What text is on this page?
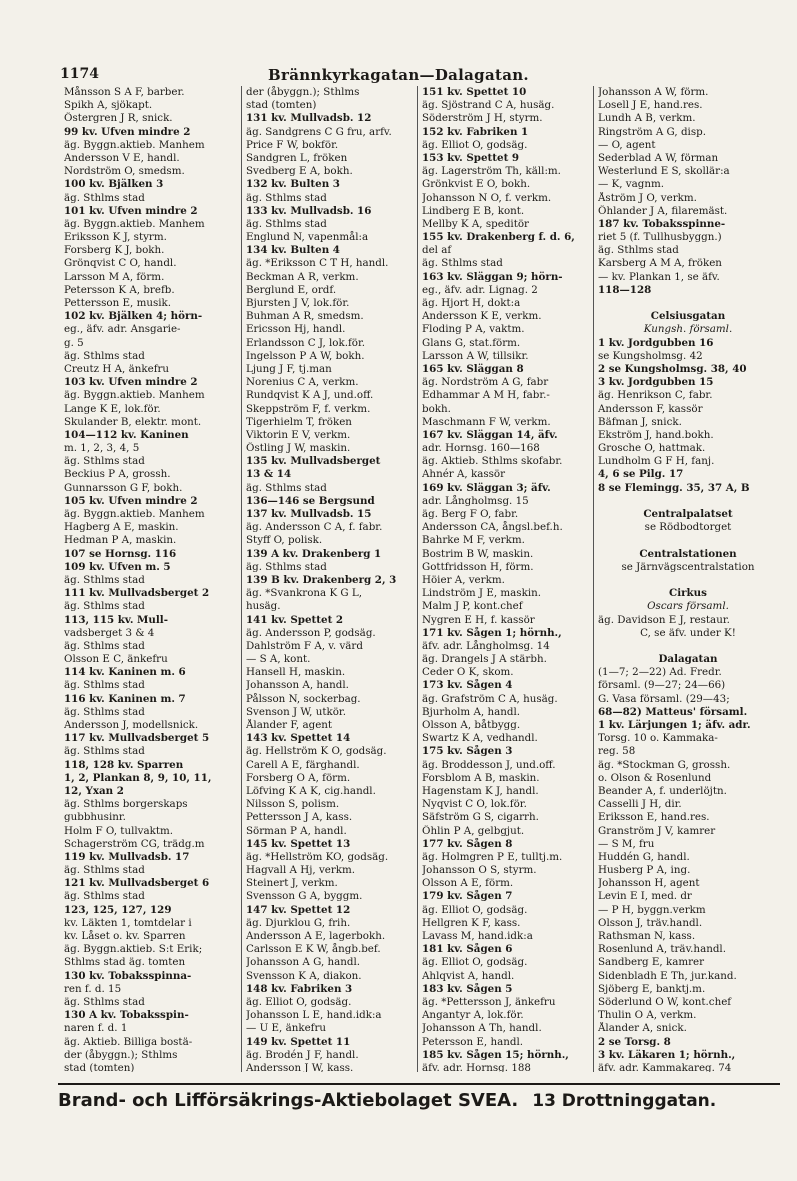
1174	Brännkyrkagatan—Dalagatan.
Månsson S A F, barber.
Spikh A, sjökapt.
Östergren J R, snick.
99 kv. Ufven mindre 2
äg. Byggn.aktieb. Manhem
Andersson V E, handl.
Nordström O, smedsm.
100 kv. Bjälken 3
äg. Sthlms stad
101 kv. Ufven mindre 2
äg. Byggn.aktieb. Manhem
Eriksson K J, styrm.
Forsberg K J, bokh.
Grönqvist C O, handl.
Larsson M A, förm.
Petersson K A, brefb.
Pettersson E, musik.
102 kv. Bjälken 4; hörn-
eg., äfv. adr. Ansgarie-
g. 5
äg. Sthlms stad
Creutz H A, änkefru
103 kv. Ufven mindre 2
äg. Byggn.aktieb. Manhem
Lange K E, lok.för.
Skulander B, elektr. mont.
104—112 kv. Kaninen
m. 1, 2, 3, 4, 5
äg. Sthlms stad
Beckius P A, grossh.
Gunnarsson G F, bokh.
105 kv. Ufven mindre 2
äg. Byggn.aktieb. Manhem
Hagberg A E, maskin.
Hedman P A, maskin.
107 se Hornsg. 116
109 kv. Ufven m. 5
äg. Sthlms stad
111 kv. Mullvadsberget 2
äg. Sthlms stad
113, 115 kv. Mull-
vadsberget 3 & 4
äg. Sthlms stad
Olsson E C, änkefru
114 kv. Kaninen m. 6
äg. Sthlms stad
116 kv. Kaninen m. 7
äg. Sthlms stad
Andersson J, modellsnick.
117 kv. Mullvadsberget 5
äg. Sthlms stad
118, 128 kv. Sparren
1, 2, Plankan 8, 9, 10, 11,
12, Yxan 2
äg. Sthlms borgerskaps
gubbhusinr.
Holm F O, tullvaktm.
Schagerström CG, trädg.m
119 kv. Mullvadsb. 17
äg. Sthlms stad
121 kv. Mullvadsberget 6
äg. Sthlms stad
123, 125, 127, 129
kv. Läkten 1, tomtdelar i
kv. Låset o. kv. Sparren
äg. Byggn.aktieb. S:t Erik;
Sthlms stad äg. tomten
130 kv. Tobaksspinna-
ren f. d. 15
äg. Sthlms stad
130 A kv. Tobaksspin-
naren f. d. 1
äg. Aktieb. Billiga bostä-
der (åbyggn.); Sthlms
stad (tomten)
der (åbyggn.); Sthlms
stad (tomten)
131 kv. Mullvadsb. 12
äg. Sandgrens C G fru, arfv.
Price F W, bokför.
Sandgren L, fröken
Svedberg E A, bokh.
132 kv. Bulten 3
äg. Sthlms stad
133 kv. Mullvadsb. 16
äg. Sthlms stad
Englund N, vapenmål:a
134 kv. Bulten 4
äg. *Eriksson C T H, handl.
Beckman A R, verkm.
Berglund E, ordf.
Bjursten J V, lok.för.
Buhman A R, smedsm.
Ericsson Hj, handl.
Erlandsson C J, lok.för.
Ingelsson P A W, bokh.
Ljung J F, tj.man
Norenius C A, verkm.
Rundqvist K A J, und.off.
Skeppström F, f. verkm.
Tigerhielm T, fröken
Viktorin E V, verkm.
Östling J W, maskin.
135 kv. Mullvadsberget
13 & 14
äg. Sthlms stad
136—146 se Bergsund
137 kv. Mullvadsb. 15
äg. Andersson C A, f. fabr.
Styff O, polisk.
139 A kv. Drakenberg 1
äg. Sthlms stad
139 B kv. Drakenberg 2, 3
äg. *Svankrona K G L,
husäg.
141 kv. Spettet 2
äg. Andersson P, godsäg.
Dahlström F A, v. värd
— S A, kont.
Hansell H, maskin.
Johansson A, handl.
Pålsson N, sockerbag.
Svenson J W, utkör.
Ålander F, agent
143 kv. Spettet 14
äg. Hellström K O, godsäg.
Carell A E, färghandl.
Forsberg O A, förm.
Löfving K A K, cig.handl.
Nilsson S, polism.
Pettersson J A, kass.
Sörman P A, handl.
145 kv. Spettet 13
äg. *Hellström KO, godsäg.
Hagvall A Hj, verkm.
Steinert J, verkm.
Svensson G A, byggm.
147 kv. Spettet 12
äg. Djurklou G, frih.
Andersson A E, lagerbokh.
Carlsson E K W, ångb.bef.
Johansson A G, handl.
Svensson K A, diakon.
148 kv. Fabriken 3
äg. Elliot O, godsäg.
Johansson L E, hand.idk:a
— U E, änkefru
149 kv. Spettet 11
äg. Brodén J F, handl.
Andersson J W, kass.
151 kv. Spettet 10
äg. Sjöstrand C A, husäg.
Söderström J H, styrm.
152 kv. Fabriken 1
äg. Elliot O, godsäg.
153 kv. Spettet 9
äg. Lagerström Th, käll:m.
Grönkvist E O, bokh.
Johansson N O, f. verkm.
Lindberg E B, kont.
Mellby K A, speditör
155 kv. Drakenberg f. d. 6,
del af
äg. Sthlms stad
163 kv. Släggan 9; hörn-
eg., äfv. adr. Lignag. 2
äg. Hjort H, dokt:a
Andersson K E, verkm.
Floding P A, vaktm.
Glans G, stat.förm.
Larsson A W, tillsikr.
165 kv. Släggan 8
äg. Nordström A G, fabr
Edhammar A M H, fabr.-
bokh.
Maschmann F W, verkm.
167 kv. Släggan 14, äfv.
adr. Hornsg. 160—168
äg. Aktieb. Sthlms skofabr.
Ahnér A, kassör
169 kv. Släggan 3; äfv.
adr. Långholmsg. 15
äg. Berg F O, fabr.
Andersson CA, ångsl.bef.h.
Bahrke M F, verkm.
Bostrim B W, maskin.
Gottfridsson H, förm.
Höier A, verkm.
Lindström J E, maskin.
Malm J P, kont.chef
Nygren E H, f. kassör
171 kv. Sågen 1; hörnh.,
äfv. adr. Långholmsg. 14
äg. Drangels J A stärbh.
Ceder O K, skom.
173 kv. Sågen 4
äg. Grafström C A, husäg.
Bjurholm A, handl.
Olsson A, båtbygg.
Swartz K A, vedhandl.
175 kv. Sågen 3
äg. Broddesson J, und.off.
Forsblom A B, maskin.
Hagenstam K J, handl.
Nyqvist C O, lok.för.
Säfström G S, cigarrh.
Öhlin P A, gelbgjut.
177 kv. Sågen 8
äg. Holmgren P E, tulltj.m.
Johansson O S, styrm.
Olsson A E, förm.
179 kv. Sågen 7
äg. Elliot O, godsäg.
Hellgren K F, kass.
Lavass M, hand.idk:a
181 kv. Sågen 6
äg. Elliot O, godsäg.
Ahlqvist A, handl.
183 kv. Sågen 5
äg. *Pettersson J, änkefru
Angantyr A, lok.för.
Johansson A Th, handl.
Petersson E, handl.
185 kv. Sågen 15; hörnh.,
äfv. adr. Hornsg. 188
Johansson A W, förm.
Losell J E, hand.res.
Lundh A B, verkm.
Ringström A G, disp.
— O, agent
Sederblad A W, förman
Westerlund E S, skollär:a
— K, vagnm.
Åström J O, verkm.
Öhlander J A, filaremäst.
187 kv. Tobaksspinne-
riet 5 (f. Tullhusbyggn.)
äg. Sthlms stad
Karsberg A M A, fröken
— kv. Plankan 1, se äfv.
118—128
Celsiusgatan
Kungsh. församl.
1 kv. Jordgubben 16
se Kungsholmsg. 42
2 se Kungsholmsg. 38, 40
3 kv. Jordgubben 15
äg. Henrikson C, fabr.
Andersson F, kassör
Bäfman J, snick.
Ekström J, hand.bokh.
Grosche O, hattmak.
Lundholm G F H, fanj.
4, 6 se Pilg. 17
8 se Flemingg. 35, 37 A, B
Centralpalatset
se Rödbodtorget
Centralstationen
se Järnvägscentralstation
Cirkus
Oscars församl.
äg. Davidson E J, restaur.
C, se äfv. under K!
Dalagatan
(1—7; 2—22) Ad. Fredr.
församl. (9—27; 24—66)
G. Vasa församl. (29—43;
68—82) Matteus' församl.
1 kv. Lärjungen 1; äfv. adr.
Torsg. 10 o. Kammaka-
reg. 58
äg. *Stockman G, grossh.
o. Olson & Rosenlund
Beander A, f. underlöjtn.
Casselli J H, dir.
Eriksson E, hand.res.
Granström J V, kamrer
— S M, fru
Huddén G, handl.
Husberg P A, ing.
Johansson H, agent
Levin E I, med. dr
— P H, byggn.verkm
Olsson J, träv.handl.
Rathsman N, kass.
Rosenlund A, träv.handl.
Sandberg E, kamrer
Sidenbladh E Th, jur.kand.
Sjöberg E, banktj.m.
Söderlund O W, kont.chef
Thulin O A, verkm.
Ålander A, snick.
2 se Torsg. 8
3 kv. Läkaren 1; hörnh.,
äfv. adr. Kammakareg. 74
Brand- och Lifförsäkrings-Aktiebolaget SVEA. 13 Drottninggatan.
